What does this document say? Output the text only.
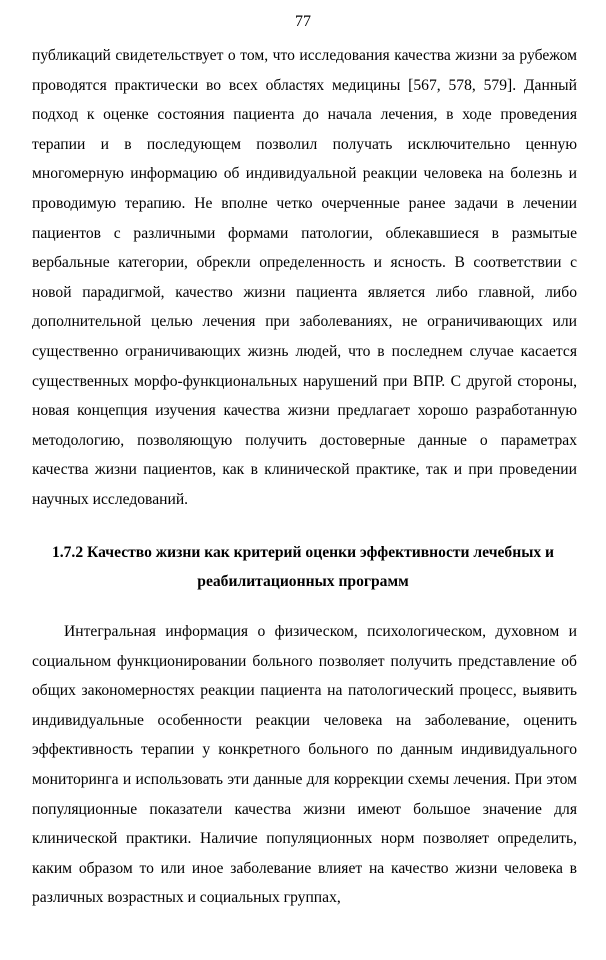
77

публикаций свидетельствует о том, что исследования качества жизни за рубежом проводятся практически во всех областях медицины [567, 578, 579]. Данный подход к оценке состояния пациента до начала лечения, в ходе проведения терапии и в последующем позволил получать исключительно ценную многомерную информацию об индивидуальной реакции человека на болезнь и проводимую терапию. Не вполне четко очерченные ранее задачи в лечении пациентов с различными формами патологии, облекавшиеся в размытые вербальные категории, обрекли определенность и ясность. В соответствии с новой парадигмой, качество жизни пациента является либо главной, либо дополнительной целью лечения при заболеваниях, не ограничивающих или существенно ограничивающих жизнь людей, что в последнем случае касается существенных морфо-функциональных нарушений при ВПР. С другой стороны, новая концепция изучения качества жизни предлагает хорошо разработанную методологию, позволяющую получить достоверные данные о параметрах качества жизни пациентов, как в клинической практике, так и при проведении научных исследований.

1.7.2 Качество жизни как критерий оценки эффективности лечебных и реабилитационных программ

Интегральная информация о физическом, психологическом, духовном и социальном функционировании больного позволяет получить представление об общих закономерностях реакции пациента на патологический процесс, выявить индивидуальные особенности реакции человека на заболевание, оценить эффективность терапии у конкретного больного по данным индивидуального мониторинга и использовать эти данные для коррекции схемы лечения. При этом популяционные показатели качества жизни имеют большое значение для клинической практики. Наличие популяционных норм позволяет определить, каким образом то или иное заболевание влияет на качество жизни человека в различных возрастных и социальных группах,
